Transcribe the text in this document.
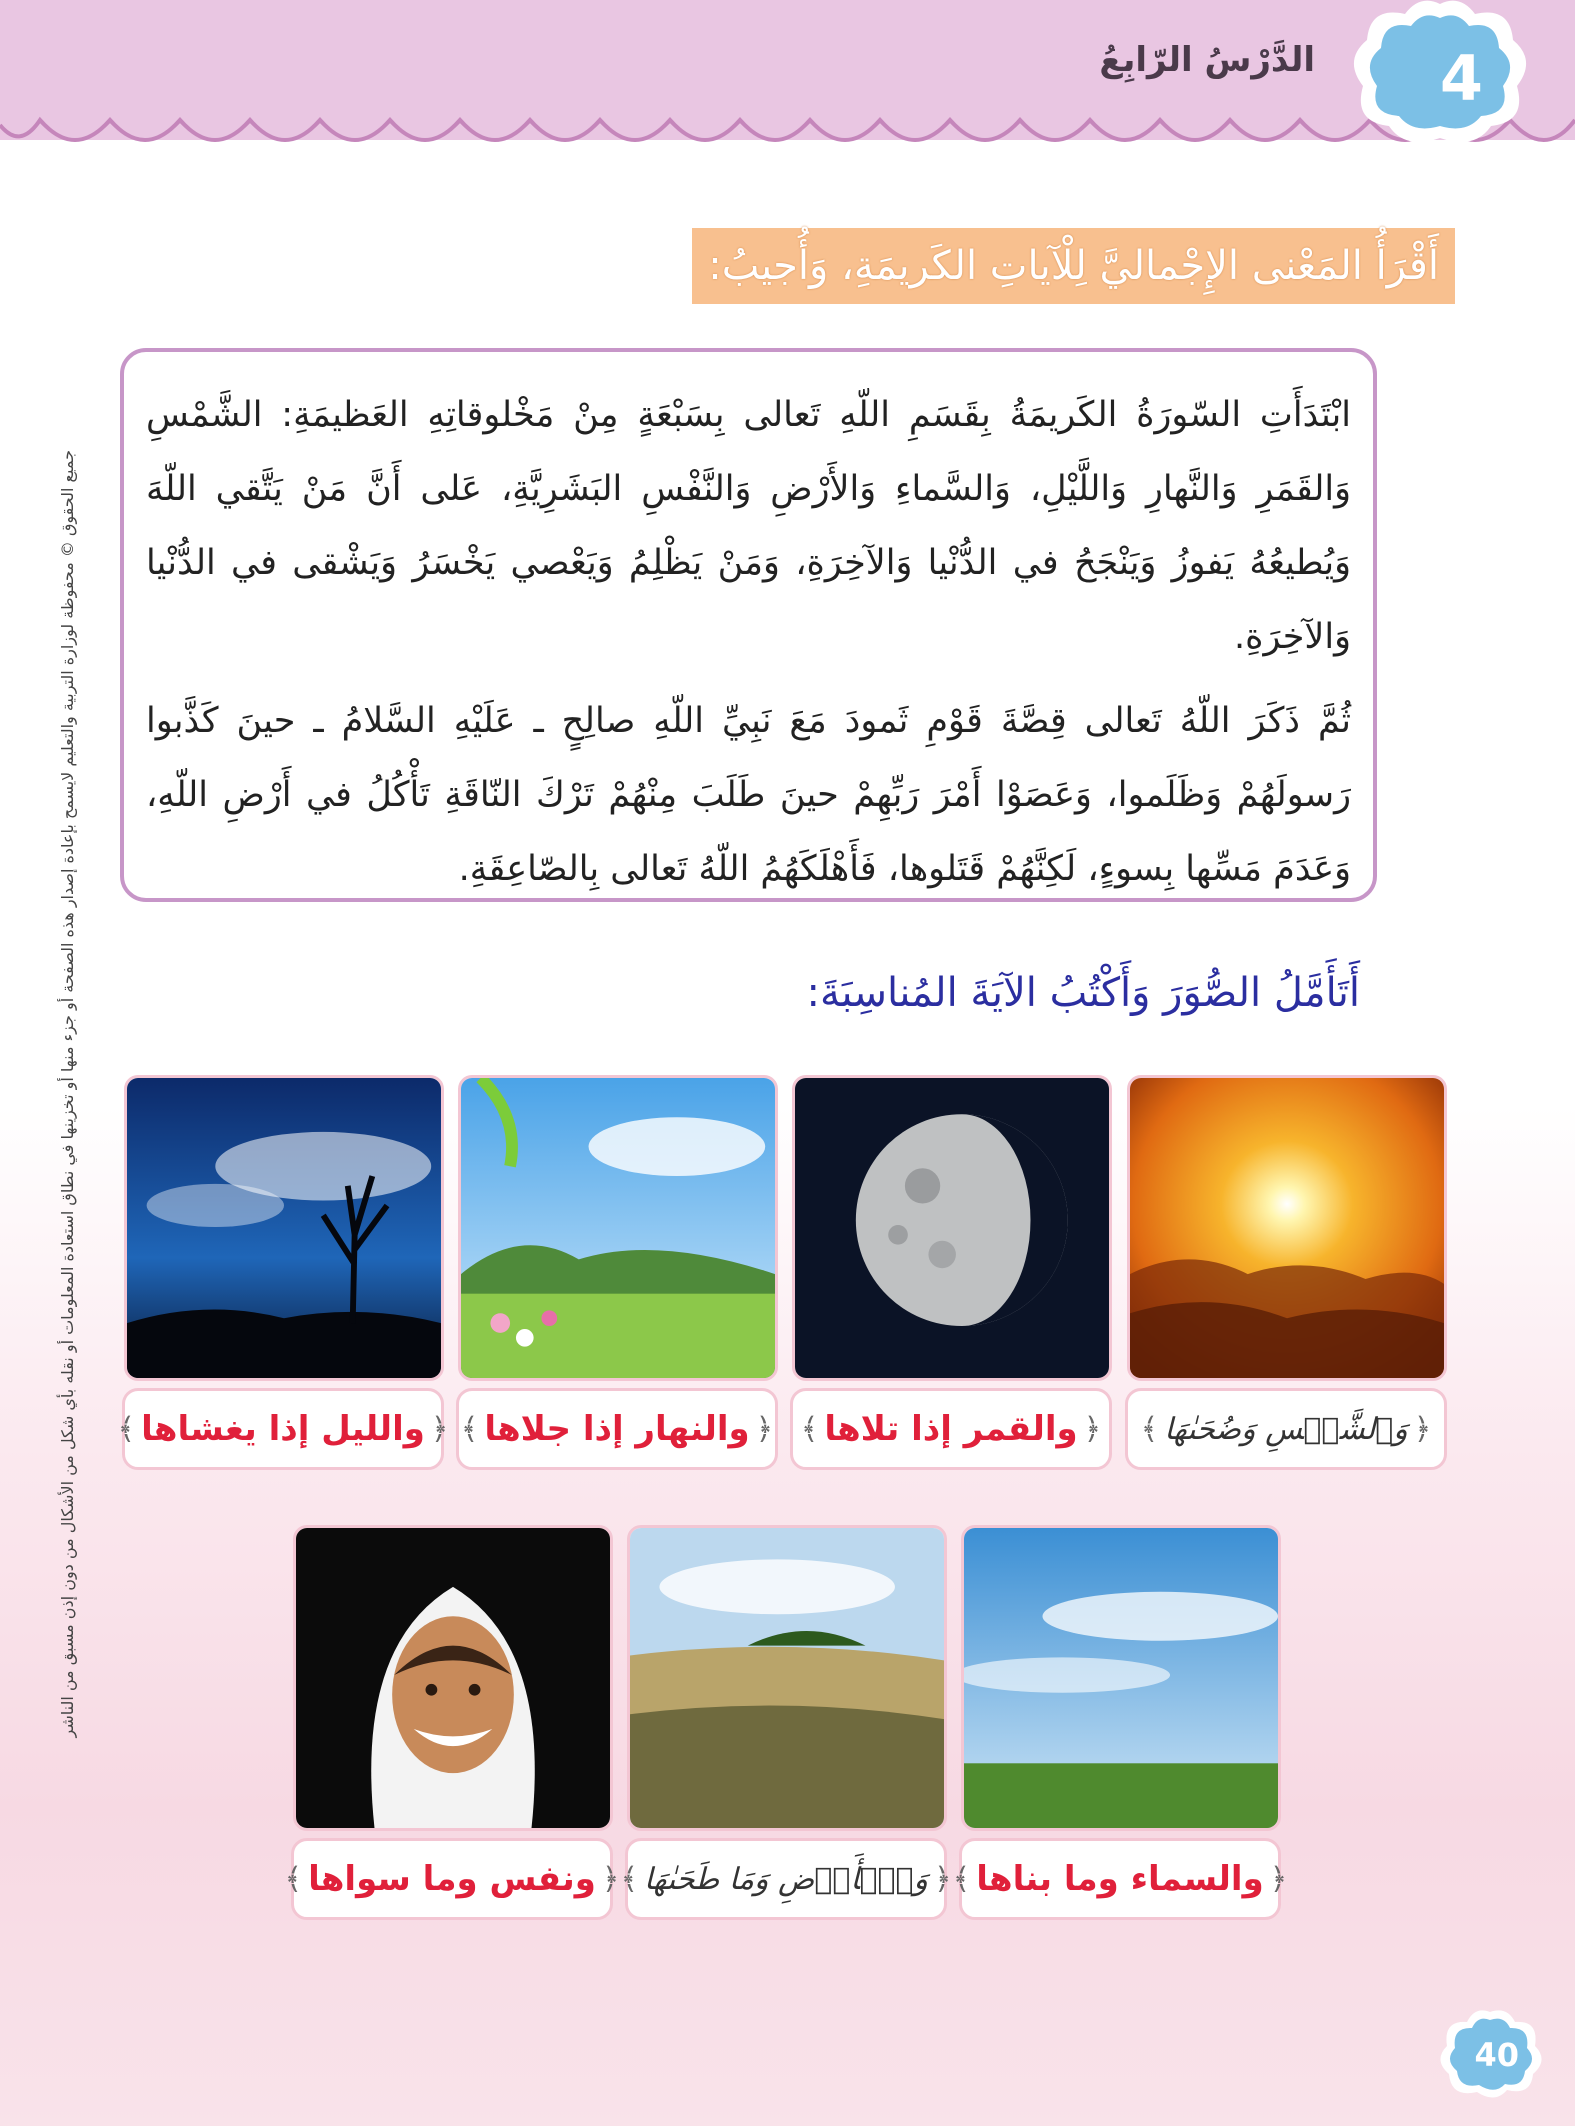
الدَّرْسُ الرّابِعُ 4
أَقْرَأُ المَعْنى الإِجْماليَّ لِلْآياتِ الكَريمَةِ، وَأُجيبُ:

ابْتَدَأَتِ السّورَةُ الكَريمَةُ بِقَسَمِ اللّهِ تَعالى بِسَبْعَةٍ مِنْ مَخْلوقاتِهِ العَظيمَةِ: الشَّمْسِ وَالقَمَرِ وَالنَّهارِ وَاللَّيْلِ، وَالسَّماءِ وَالأَرْضِ وَالنَّفْسِ البَشَرِيَّةِ، عَلى أَنَّ مَنْ يَتَّقي اللّهَ وَيُطيعُهُ يَفوزُ وَيَنْجَحُ في الدُّنْيا وَالآخِرَةِ، وَمَنْ يَظْلِمُ وَيَعْصي يَخْسَرُ وَيَشْقى في الدُّنْيا وَالآخِرَةِ.

ثُمَّ ذَكَرَ اللّهُ تَعالى قِصَّةَ قَوْمِ ثَمودَ مَعَ نَبِيِّ اللّهِ صالِحٍ ـ عَلَيْهِ السَّلامُ ـ حينَ كَذَّبوا رَسولَهُمْ وَظَلَموا، وَعَصَوْا أَمْرَ رَبِّهِمْ حينَ طَلَبَ مِنْهُمْ تَرْكَ النّاقَةِ تَأْكُلُ في أَرْضِ اللّهِ، وَعَدَمَ مَسِّها بِسوءٍ، لَكِنَّهُمْ قَتَلوها، فَأَهْلَكَهُمُ اللّهُ تَعالى بِالصّاعِقَةِ.

أَتَأَمَّلُ الصُّوَرَ وَأَكْتُبُ الآيَةَ المُناسِبَةَ:
جميع الحقوق © محفوظة لوزارة التربية والتعليم لايسمح بإعادة إصدار هذه الصفحة أو جزء منها أو تخزينها في نطاق استعادة المعلومات أو نقله بأي شكل من الأشكال من دون إذن مسبق من الناشر	﴿
وَٱلشَّمۡسِ وَضُحَىٰهَا
﴾
﴿
والقمر إذا تلاها
﴾
﴿
والنهار إذا جلاها
﴾
﴿
والليل إذا يغشاها
﴾
﴿
والسماء وما بناها
﴾
﴿
وَٱلۡأَرۡضِ وَمَا طَحَىٰهَا
﴾
﴿
ونفس وما سواها
﴾
40
